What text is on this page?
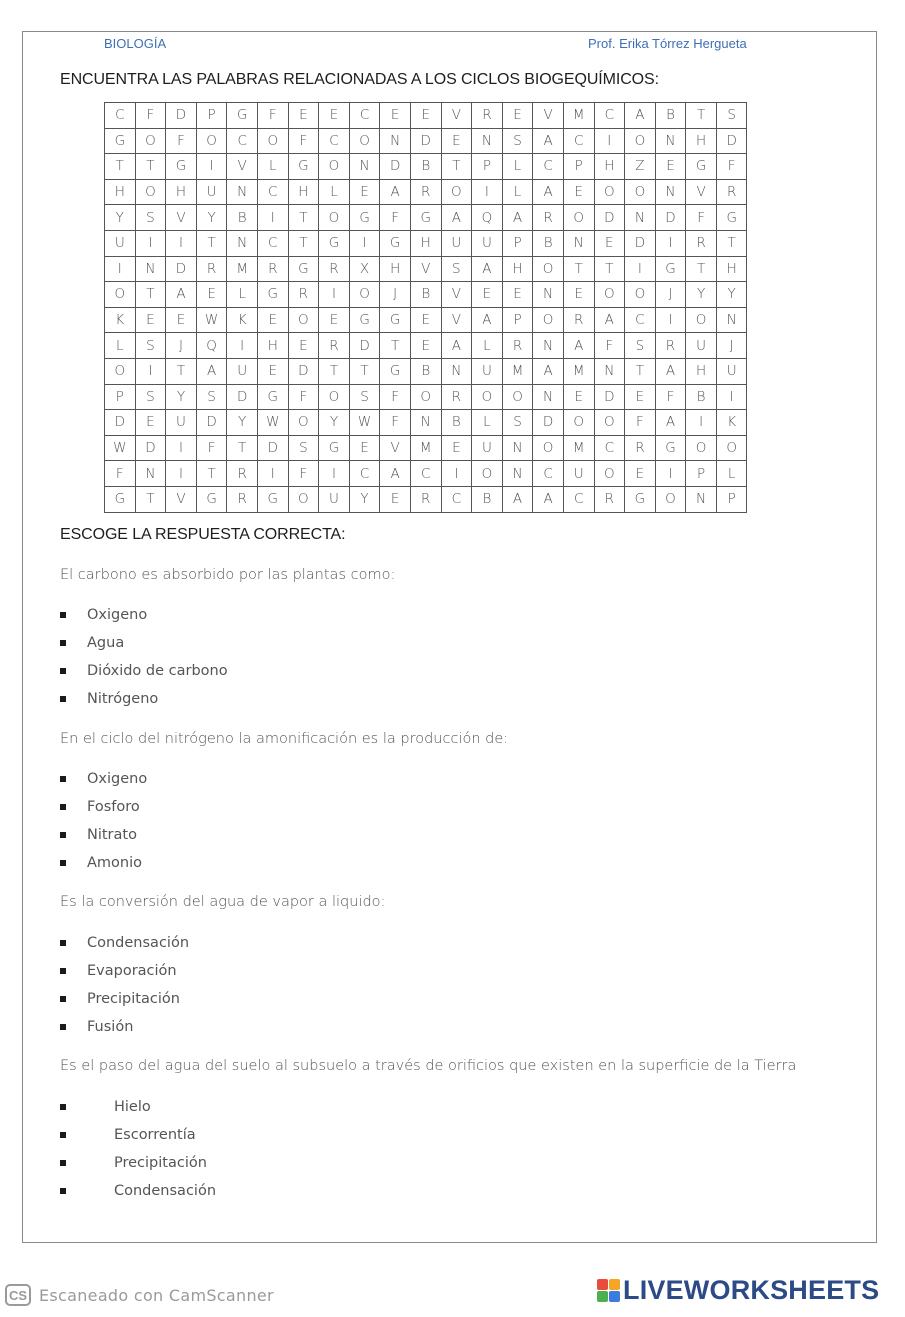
BIOLOGÍA	Prof. Erika Tórrez Hergueta
ENCUENTRA LAS PALABRAS RELACIONADAS A LOS CICLOS BIOGEQUÍMICOS:
C	F	D	P	G	F	E	E	C	E	E	V	R	E	V	M	C	A	B	T	S
G	O	F	O	C	O	F	C	O	N	D	E	N	S	A	C	I	O	N	H	D
T	T	G	I	V	L	G	O	N	D	B	T	P	L	C	P	H	Z	E	G	F
H	O	H	U	N	C	H	L	E	A	R	O	I	L	A	E	O	O	N	V	R
Y	S	V	Y	B	I	T	O	G	F	G	A	Q	A	R	O	D	N	D	F	G
U	I	I	T	N	C	T	G	I	G	H	U	U	P	B	N	E	D	I	R	T
I	N	D	R	M	R	G	R	X	H	V	S	A	H	O	T	T	I	G	T	H
O	T	A	E	L	G	R	I	O	J	B	V	E	E	N	E	O	O	J	Y	Y
K	E	E	W	K	E	O	E	G	G	E	V	A	P	O	R	A	C	I	O	N
L	S	J	Q	I	H	E	R	D	T	E	A	L	R	N	A	F	S	R	U	J
O	I	T	A	U	E	D	T	T	G	B	N	U	M	A	M	N	T	A	H	U
P	S	Y	S	D	G	F	O	S	F	O	R	O	O	N	E	D	E	F	B	I
D	E	U	D	Y	W	O	Y	W	F	N	B	L	S	D	O	O	F	A	I	K
W	D	I	F	T	D	S	G	E	V	M	E	U	N	O	M	C	R	G	O	O
F	N	I	T	R	I	F	I	C	A	C	I	O	N	C	U	O	E	I	P	L
G	T	V	G	R	G	O	U	Y	E	R	C	B	A	A	C	R	G	O	N	P
ESCOGE LA RESPUESTA CORRECTA:
El carbono es absorbido por las plantas como:
Oxigeno
Agua
Dióxido de carbono
Nitrógeno
En el ciclo del nitrógeno la amonificación es la producción de:
Oxigeno
Fosforo
Nitrato
Amonio
Es la conversión del agua de vapor a liquido:
Condensación
Evaporación
Precipitación
Fusión
Es el paso del agua del suelo al subsuelo a través de orificios que existen en la superficie de la Tierra
Hielo
Escorrentía
Precipitación
Condensación
CS Escaneado con CamScanner	LIVEWORKSHEETS
